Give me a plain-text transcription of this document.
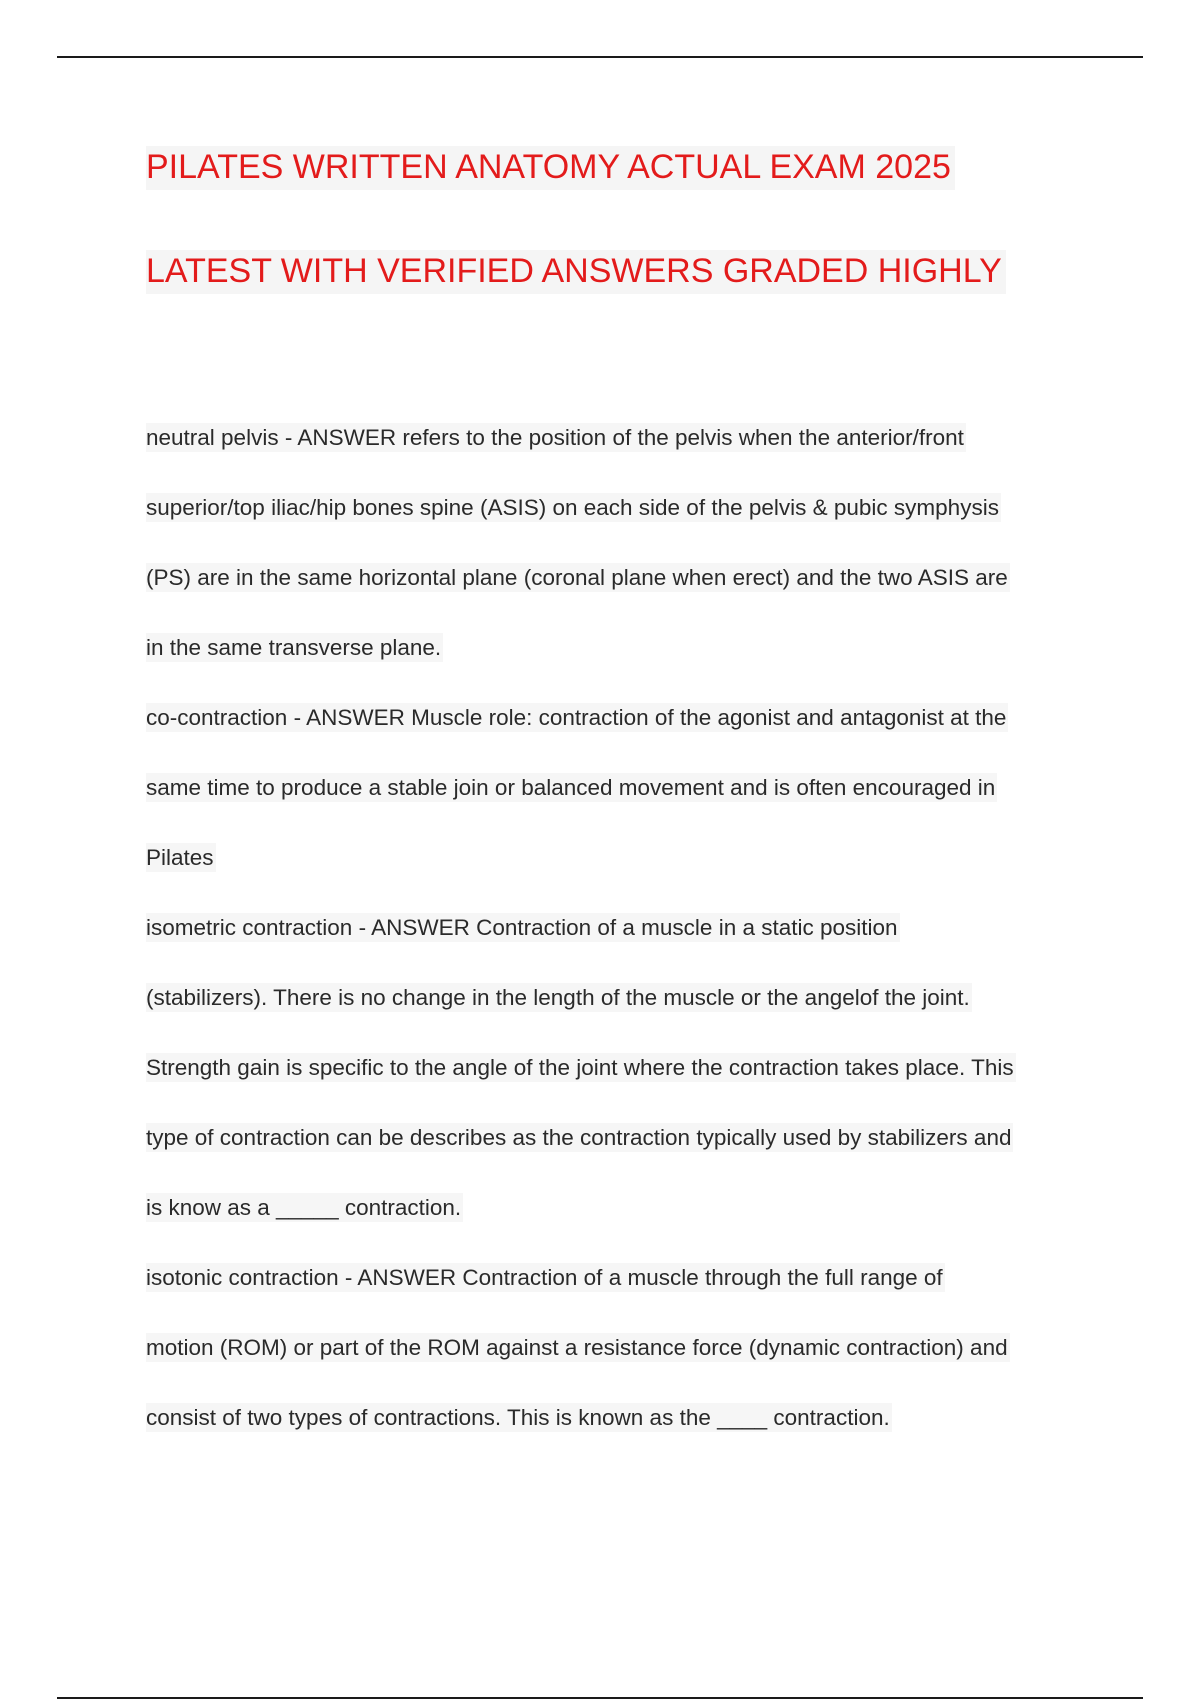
PILATES WRITTEN ANATOMY ACTUAL EXAM 2025
LATEST WITH VERIFIED ANSWERS GRADED HIGHLY
neutral pelvis - ANSWER refers to the position of the pelvis when the anterior/front
superior/top iliac/hip bones spine (ASIS) on each side of the pelvis & pubic symphysis
(PS) are in the same horizontal plane (coronal plane when erect) and the two ASIS are
in the same transverse plane.
co-contraction - ANSWER Muscle role: contraction of the agonist and antagonist at the
same time to produce a stable join or balanced movement and is often encouraged in
Pilates
isometric contraction - ANSWER Contraction of a muscle in a static position
(stabilizers). There is no change in the length of the muscle or the angelof the joint.
Strength gain is specific to the angle of the joint where the contraction takes place. This
type of contraction can be describes as the contraction typically used by stabilizers and
is know as a _____ contraction.
isotonic contraction - ANSWER Contraction of a muscle through the full range of
motion (ROM) or part of the ROM against a resistance force (dynamic contraction) and
consist of two types of contractions. This is known as the ____ contraction.
